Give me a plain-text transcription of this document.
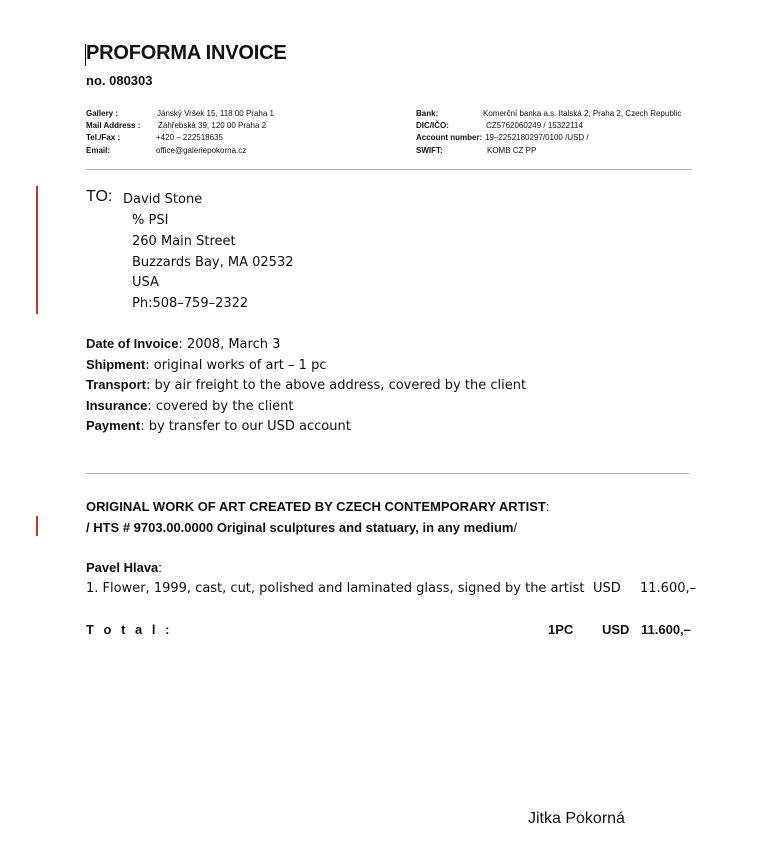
PROFORMA INVOICE
no. 080303
Gallery :	Jánský Vršek 15, 118 00 Praha 1
Mail Address : Záhřebská 39, 120 00 Praha 2
Tel./Fax :	+420 – 222518635
Email:	office@galeriepokorna.cz
Bank:	Komerční banka a.s. Italská 2, Praha 2, Czech Republic
DIC/IČO:	CZ5762060249 / 15322114
Account number: 19–2252180297/0100 /USD /
SWIFT:	KOMB CZ PP
TO: David Stone
% PSI
260 Main Street
Buzzards Bay, MA 02532
USA
Ph:508–759–2322
Date of Invoice: 2008, March 3
Shipment: original works of art – 1 pc
Transport: by air freight to the above address, covered by the client
Insurance: covered by the client
Payment: by transfer to our USD account
ORIGINAL WORK OF ART CREATED BY CZECH CONTEMPORARY ARTIST:
/ HTS # 9703.00.0000 Original sculptures and statuary, in any medium/
Pavel Hlava:
1. Flower, 1999, cast, cut, polished and laminated glass, signed by the artist USD 11.600,–
T o t a l :	1PC USD 11.600,–
Jitka Pokorná
